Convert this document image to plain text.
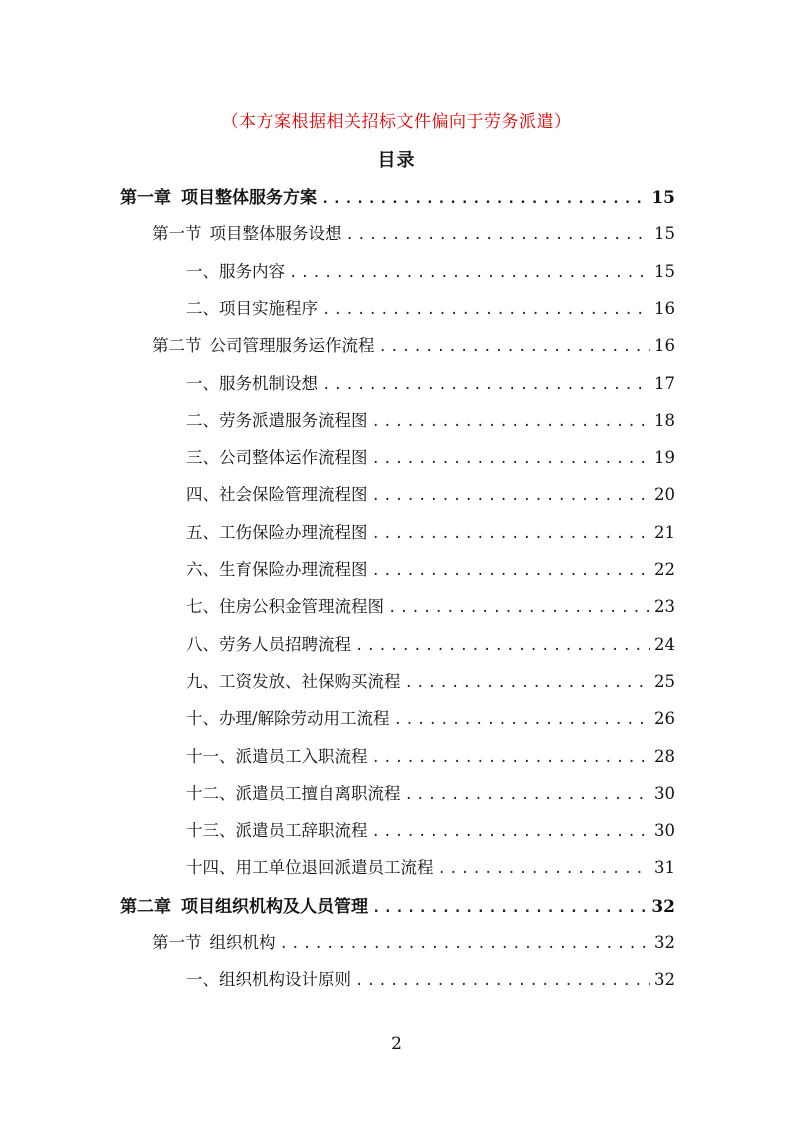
（本方案根据相关招标文件偏向于劳务派遣）
目录
第一章 项目整体服务方案 .....	15
第一节 项目整体服务设想 .....	15
一、服务内容 .....	15
二、项目实施程序 .....	16
第二节 公司管理服务运作流程 .....	16
一、服务机制设想 .....	17
二、劳务派遣服务流程图 .....	18
三、公司整体运作流程图 .....	19
四、社会保险管理流程图 .....	20
五、工伤保险办理流程图 .....	21
六、生育保险办理流程图 .....	22
七、住房公积金管理流程图 .....	23
八、劳务人员招聘流程 .....	24
九、工资发放、社保购买流程 .....	25
十、办理/解除劳动用工流程 .....	26
十一、派遣员工入职流程 .....	28
十二、派遣员工擅自离职流程 .....	30
十三、派遣员工辞职流程 .....	30
十四、用工单位退回派遣员工流程 .....	31
第二章 项目组织机构及人员管理 .....	32
第一节 组织机构 .....	32
一、组织机构设计原则 .....	32
2
